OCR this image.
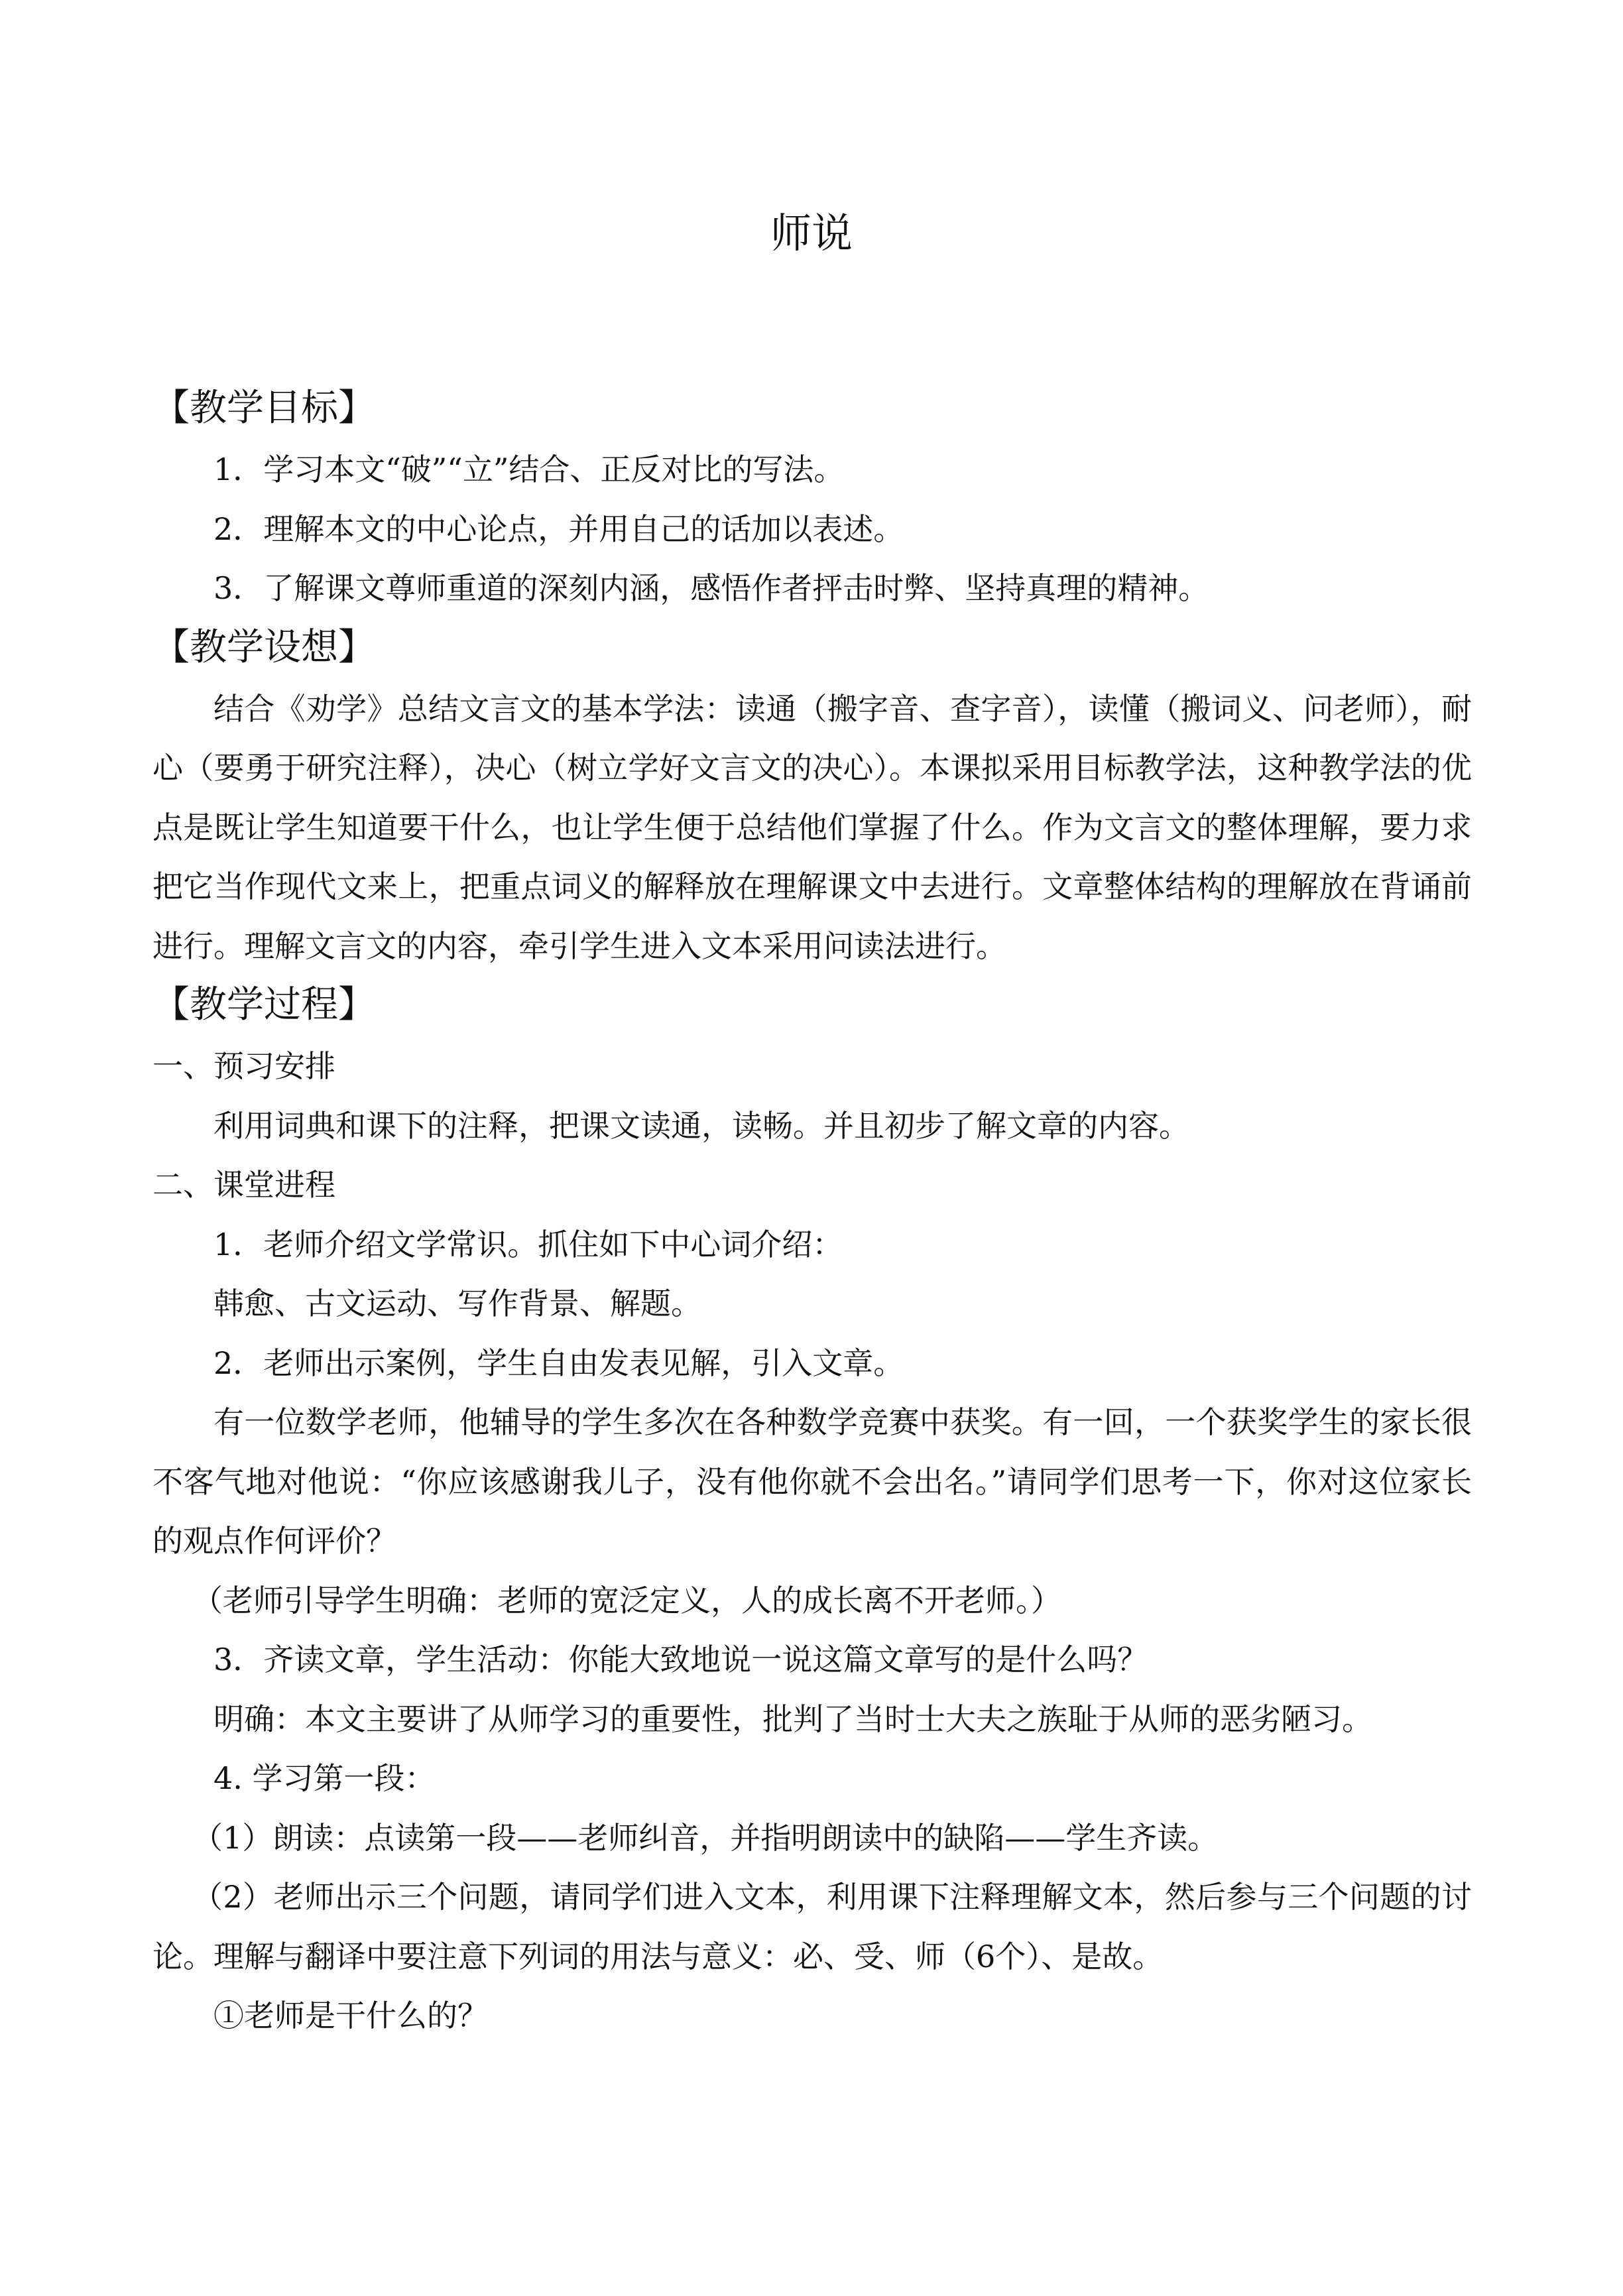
师说
【教学目标】

1．学习本文“破”“立”结合、正反对比的写法。

2．理解本文的中心论点，并用自己的话加以表述。

3．了解课文尊师重道的深刻内涵，感悟作者抨击时弊、坚持真理的精神。

【教学设想】

结合《劝学》总结文言文的基本学法：读通（搬字音、查字音），读懂（搬词义、问老师），耐心（要勇于研究注释），决心（树立学好文言文的决心）。本课拟采用目标教学法，这种教学法的优点是既让学生知道要干什么，也让学生便于总结他们掌握了什么。作为文言文的整体理解，要力求把它当作现代文来上，把重点词义的解释放在理解课文中去进行。文章整体结构的理解放在背诵前进行。理解文言文的内容，牵引学生进入文本采用问读法进行。

【教学过程】

一、预习安排

利用词典和课下的注释，把课文读通，读畅。并且初步了解文章的内容。

二、课堂进程

1．老师介绍文学常识。抓住如下中心词介绍：

韩愈、古文运动、写作背景、解题。

2．老师出示案例，学生自由发表见解，引入文章。

有一位数学老师，他辅导的学生多次在各种数学竞赛中获奖。有一回，一个获奖学生的家长很不客气地对他说：“你应该感谢我儿子，没有他你就不会出名。”请同学们思考一下，你对这位家长的观点作何评价？

（老师引导学生明确：老师的宽泛定义，人的成长离不开老师。）

3．齐读文章，学生活动：你能大致地说一说这篇文章写的是什么吗？

明确：本文主要讲了从师学习的重要性，批判了当时士大夫之族耻于从师的恶劣陋习。

4. 学习第一段：

（1）朗读：点读第一段——老师纠音，并指明朗读中的缺陷——学生齐读。

（2）老师出示三个问题，请同学们进入文本，利用课下注释理解文本，然后参与三个问题的讨论。理解与翻译中要注意下列词的用法与意义：必、受、师（6个）、是故。

①老师是干什么的？
